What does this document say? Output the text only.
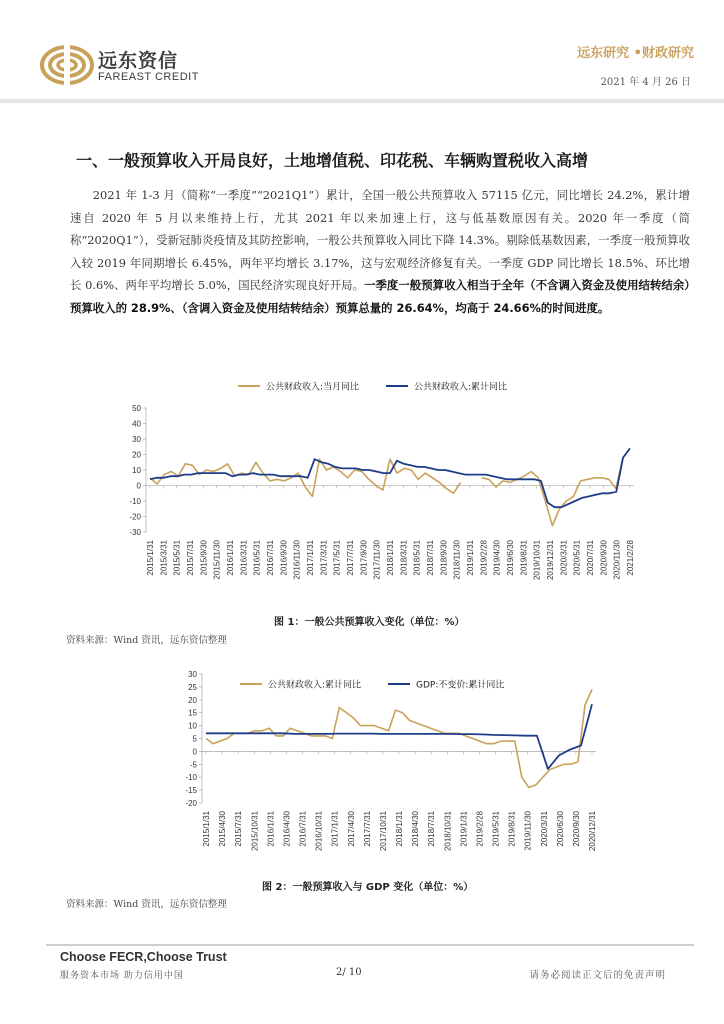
远东资信
FAREAST CREDIT
远东研究 •财政研究
2021 年 4 月 26 日
一、一般预算收入开局良好，土地增值税、印花税、车辆购置税收入高增
2021 年 1-3 月（简称“一季度”“2021Q1”）累计，全国一般公共预算收入 57115 亿元，同比增长 24.2%，累计增速自 2020 年 5 月以来维持上行，尤其 2021 年以来加速上行，这与低基数原因有关。2020 年一季度（简称“2020Q1”），受新冠肺炎疫情及其防控影响，一般公共预算收入同比下降 14.3%。剔除低基数因素，一季度一般预算收入较 2019 年同期增长 6.45%，两年平均增长 3.17%，这与宏观经济修复有关。一季度 GDP 同比增长 18.5%、环比增长 0.6%、两年平均增长 5.0%，国民经济实现良好开局。一季度一般预算收入相当于全年（不含调入资金及使用结转结余）预算收入的 28.9%、（含调入资金及使用结转结余）预算总量的 26.64%，均高于 24.66%的时间进度。
-30
-20
-10
0
10
20
30
40
50
2015/1/31 2015/3/31 2015/5/31 2015/7/31 2015/9/30 2015/11/30 2016/1/31 2016/3/31 2016/5/31 2016/7/31 2016/9/30 2016/11/30 2017/1/31 2017/3/31 2017/5/31 2017/7/31 2017/9/30 2017/11/30 2018/1/31 2018/3/31 2018/5/31 2018/7/31 2018/9/30 2018/11/30 2019/1/31 2019/2/28 2019/4/30 2019/6/30 2019/8/31 2019/10/31 2019/12/31 2020/3/31 2020/5/31 2020/7/31 2020/9/30 2020/11/30 2021/2/28
公共财政收入:当月同比	公共财政收入:累计同比
图 1：一般公共预算收入变化（单位：%）
资料来源：Wind 资讯，远东资信整理
-20
-15
-10
-5
0
5
10
15
20
25
30
2015/1/31 2015/4/30 2015/7/31 2015/10/31 2016/1/31 2016/4/30 2016/7/31 2016/10/31 2017/1/31 2017/4/30 2017/7/31 2017/10/31 2018/1/31 2018/4/30 2018/7/31 2018/10/31 2019/1/31 2019/2/28 2019/5/31 2019/8/31 2019/11/30 2020/3/31 2020/6/30 2020/9/30 2020/12/31
公共财政收入:累计同比	GDP:不变价:累计同比
图 2：一般预算收入与 GDP 变化（单位：%）
资料来源：Wind 资讯，远东资信整理
Choose FECR,Choose Trust
服务资本市场 助力信用中国	2/ 10	请务必阅读正文后的免责声明
